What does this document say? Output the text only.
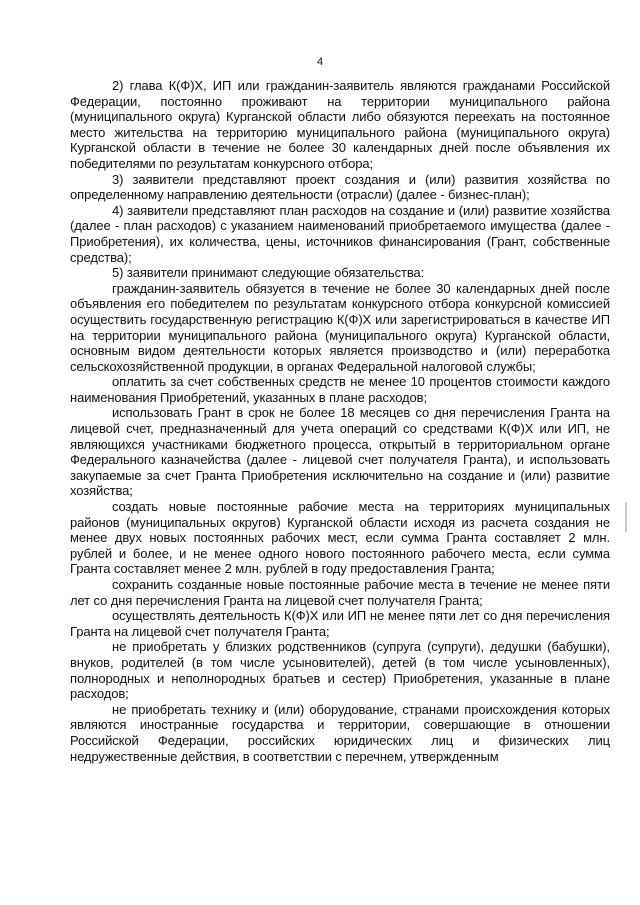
4

2) глава К(Ф)Х, ИП или гражданин-заявитель являются гражданами Российской Федерации, постоянно проживают на территории муниципального района (муниципального округа) Курганской области либо обязуются переехать на постоянное место жительства на территорию муниципального района (муниципального округа) Курганской области в течение не более 30 календарных дней после объявления их победителями по результатам конкурсного отбора;

3) заявители представляют проект создания и (или) развития хозяйства по определенному направлению деятельности (отрасли) (далее - бизнес-план);

4) заявители представляют план расходов на создание и (или) развитие хозяйства (далее - план расходов) с указанием наименований приобретаемого имущества (далее - Приобретения), их количества, цены, источников финансирования (Грант, собственные средства);

5) заявители принимают следующие обязательства:

гражданин-заявитель обязуется в течение не более 30 календарных дней после объявления его победителем по результатам конкурсного отбора конкурсной комиссией осуществить государственную регистрацию К(Ф)Х или зарегистрироваться в качестве ИП на территории муниципального района (муниципального округа) Курганской области, основным видом деятельности которых является производство и (или) переработка сельскохозяйственной продукции, в органах Федеральной налоговой службы;

оплатить за счет собственных средств не менее 10 процентов стоимости каждого наименования Приобретений, указанных в плане расходов;

использовать Грант в срок не более 18 месяцев со дня перечисления Гранта на лицевой счет, предназначенный для учета операций со средствами К(Ф)Х или ИП, не являющихся участниками бюджетного процесса, открытый в территориальном органе Федерального казначейства (далее - лицевой счет получателя Гранта), и использовать закупаемые за счет Гранта Приобретения исключительно на создание и (или) развитие хозяйства;

создать новые постоянные рабочие места на территориях муниципальных районов (муниципальных округов) Курганской области исходя из расчета создания не менее двух новых постоянных рабочих мест, если сумма Гранта составляет 2 млн. рублей и более, и не менее одного нового постоянного рабочего места, если сумма Гранта составляет менее 2 млн. рублей в году предоставления Гранта;

сохранить созданные новые постоянные рабочие места в течение не менее пяти лет со дня перечисления Гранта на лицевой счет получателя Гранта;

осуществлять деятельность К(Ф)Х или ИП не менее пяти лет со дня перечисления Гранта на лицевой счет получателя Гранта;

не приобретать у близких родственников (супруга (супруги), дедушки (бабушки), внуков, родителей (в том числе усыновителей), детей (в том числе усыновленных), полнородных и неполнородных братьев и сестер) Приобретения, указанные в плане расходов;

не приобретать технику и (или) оборудование, странами происхождения которых являются иностранные государства и территории, совершающие в отношении Российской Федерации, российских юридических лиц и физических лиц недружественные действия, в соответствии с перечнем, утвержденным
